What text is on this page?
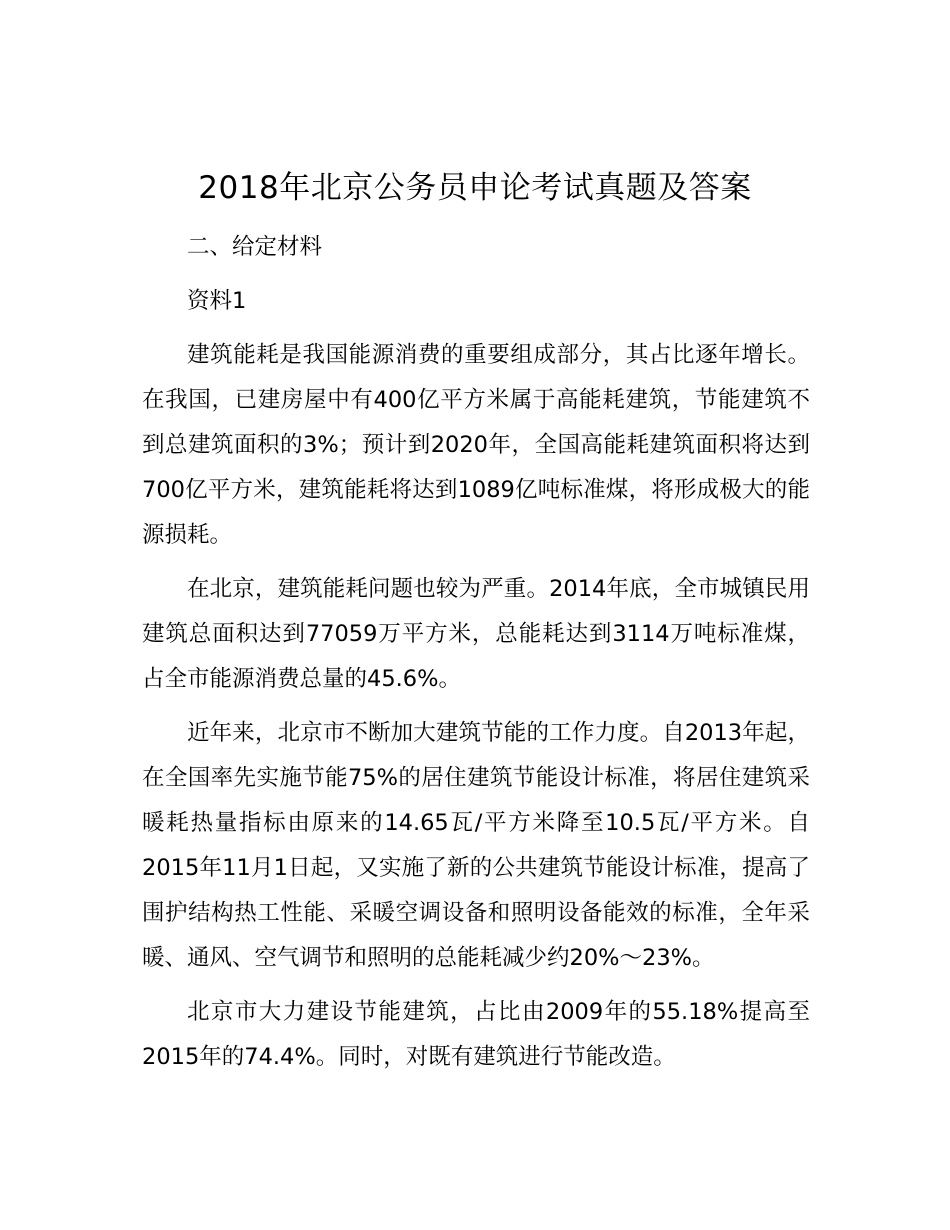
2018年北京公务员申论考试真题及答案

二、给定材料

资料1

建筑能耗是我国能源消费的重要组成部分，其占比逐年增长。在我国，已建房屋中有400亿平方米属于高能耗建筑，节能建筑不到总建筑面积的3%；预计到2020年，全国高能耗建筑面积将达到700亿平方米，建筑能耗将达到1089亿吨标准煤，将形成极大的能源损耗。

在北京，建筑能耗问题也较为严重。2014年底，全市城镇民用建筑总面积达到77059万平方米，总能耗达到3114万吨标准煤，占全市能源消费总量的45.6%。

近年来，北京市不断加大建筑节能的工作力度。自2013年起，在全国率先实施节能75%的居住建筑节能设计标准，将居住建筑采暖耗热量指标由原来的14.65瓦/平方米降至10.5瓦/平方米。自2015年11月1日起，又实施了新的公共建筑节能设计标准，提高了围护结构热工性能、采暖空调设备和照明设备能效的标准，全年采暖、通风、空气调节和照明的总能耗减少约20%～23%。

北京市大力建设节能建筑，占比由2009年的55.18%提高至2015年的74.4%。同时，对既有建筑进行节能改造。
